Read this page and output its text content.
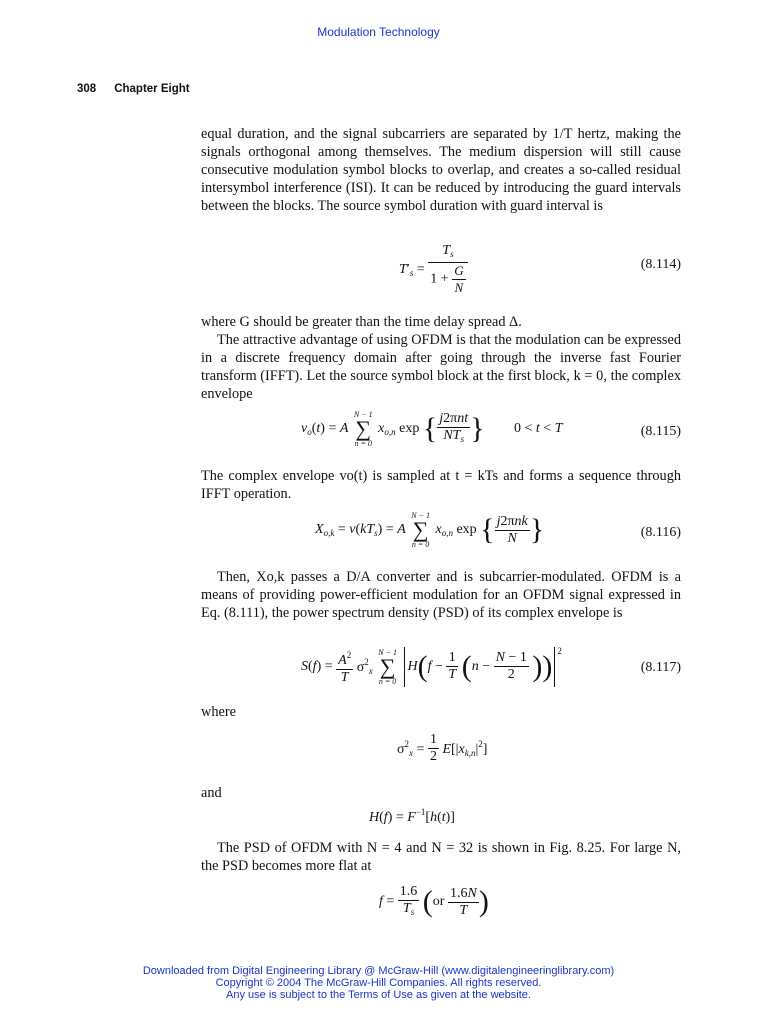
Modulation Technology
308 Chapter Eight
equal duration, and the signal subcarriers are separated by 1/T hertz, making the signals orthogonal among themselves. The medium dispersion will still cause consecutive modulation symbol blocks to overlap, and creates a so-called residual intersymbol interference (ISI). It can be reduced by introducing the guard intervals between the blocks. The source symbol duration with guard interval is
$T'_s = \frac{T_s}{1 + \frac{G}{N}}$	(8.114)
where G should be greater than the time delay spread Δ.
The attractive advantage of using OFDM is that the modulation can be expressed in a discrete frequency domain after going through the inverse fast Fourier transform (IFFT). Let the source symbol block at the first block, k = 0, the complex envelope
$v_o(t) = A$
N − 1
∑
n = 0
$x_{o,n}$ exp { $\frac{\text{j2πnt}}{NT_s}$ } 0 < t < T	(8.115)
The complex envelope vo(t) is sampled at t = kTs and forms a sequence through IFFT operation.
$X_{o,k} = v(kT_s) = A$
N − 1
∑
n = 0
$x_{o,n}$ exp { $\frac{\text{j2πnk}}{N}$ }	(8.116)
Then, Xo,k passes a D/A converter and is subcarrier-modulated. OFDM is a means of providing power-efficient modulation for an OFDM signal expressed in Eq. (8.111), the power spectrum density (PSD) of its complex envelope is
$S(f) = \frac{A^2}{T} \sigma^2_x$
N − 1
∑
n = 0
$H(f - \frac{1}{T} (n - \frac{N - 1}{2}$ )) $^2$
(8.117)
where
$\sigma^2_x = \frac{1}{2} E[|x_{k,n}|^2]$
and
$H(f) = F^{-1}[h(t)]$
The PSD of OFDM with N = 4 and N = 32 is shown in Fig. 8.25. For large N, the PSD becomes more flat at
$f = \frac{1.6}{T_s} (or \frac{1.6N}{T}$ )
Downloaded from Digital Engineering Library @ McGraw-Hill (www.digitalengineeringlibrary.com)
Copyright © 2004 The McGraw-Hill Companies. All rights reserved.
Any use is subject to the Terms of Use as given at the website.
